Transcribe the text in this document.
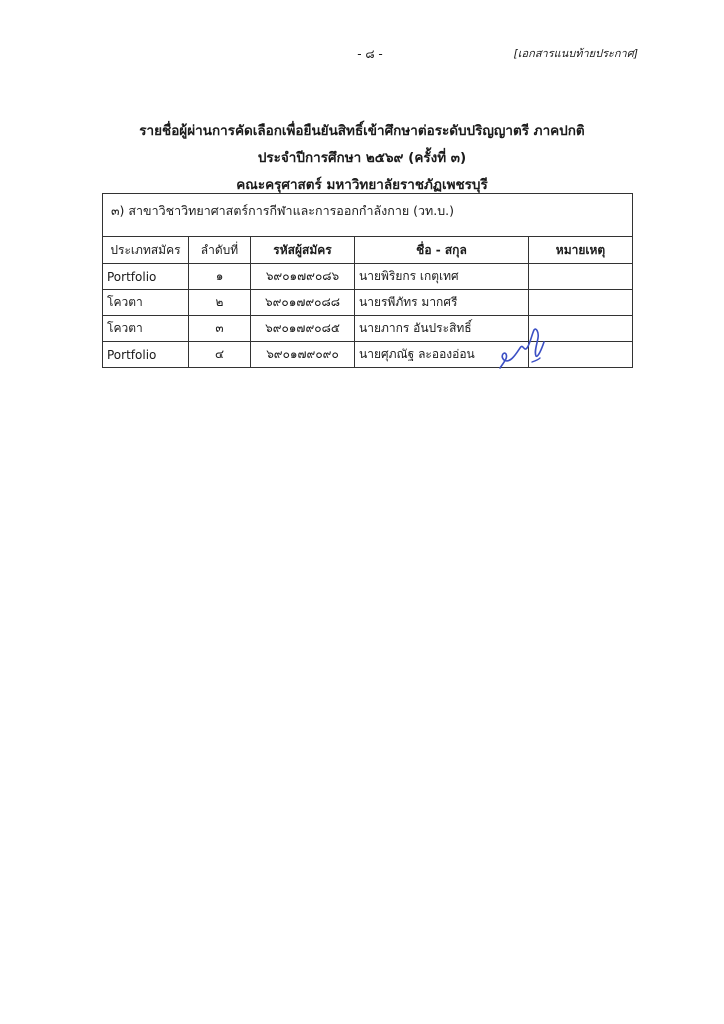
- ๘ -	[เอกสารแนบท้ายประกาศ]
รายชื่อผู้ผ่านการคัดเลือกเพื่อยืนยันสิทธิ์เข้าศึกษาต่อระดับปริญญาตรี ภาคปกติ
ประจำปีการศึกษา ๒๕๖๙ (ครั้งที่ ๓)
คณะครุศาสตร์ มหาวิทยาลัยราชภัฏเพชรบุรี
๓) สาขาวิชาวิทยาศาสตร์การกีฬาและการออกกำลังกาย (วท.บ.)				
ประเภทสมัคร	ลำดับที่	รหัสผู้สมัคร	ชื่อ - สกุล	หมายเหตุ
Portfolio	๑	๖๙๐๑๗๙๐๘๖	นายพิริยกร เกตุเทศ	
โควตา	๒	๖๙๐๑๗๙๐๘๘	นายรพีภัทร มากศรี	
โควตา	๓	๖๙๐๑๗๙๐๘๕	นายภากร อันประสิทธิ์	
Portfolio	๔	๖๙๐๑๗๙๐๙๐	นายศุภณัฐ ละอองอ่อน	
